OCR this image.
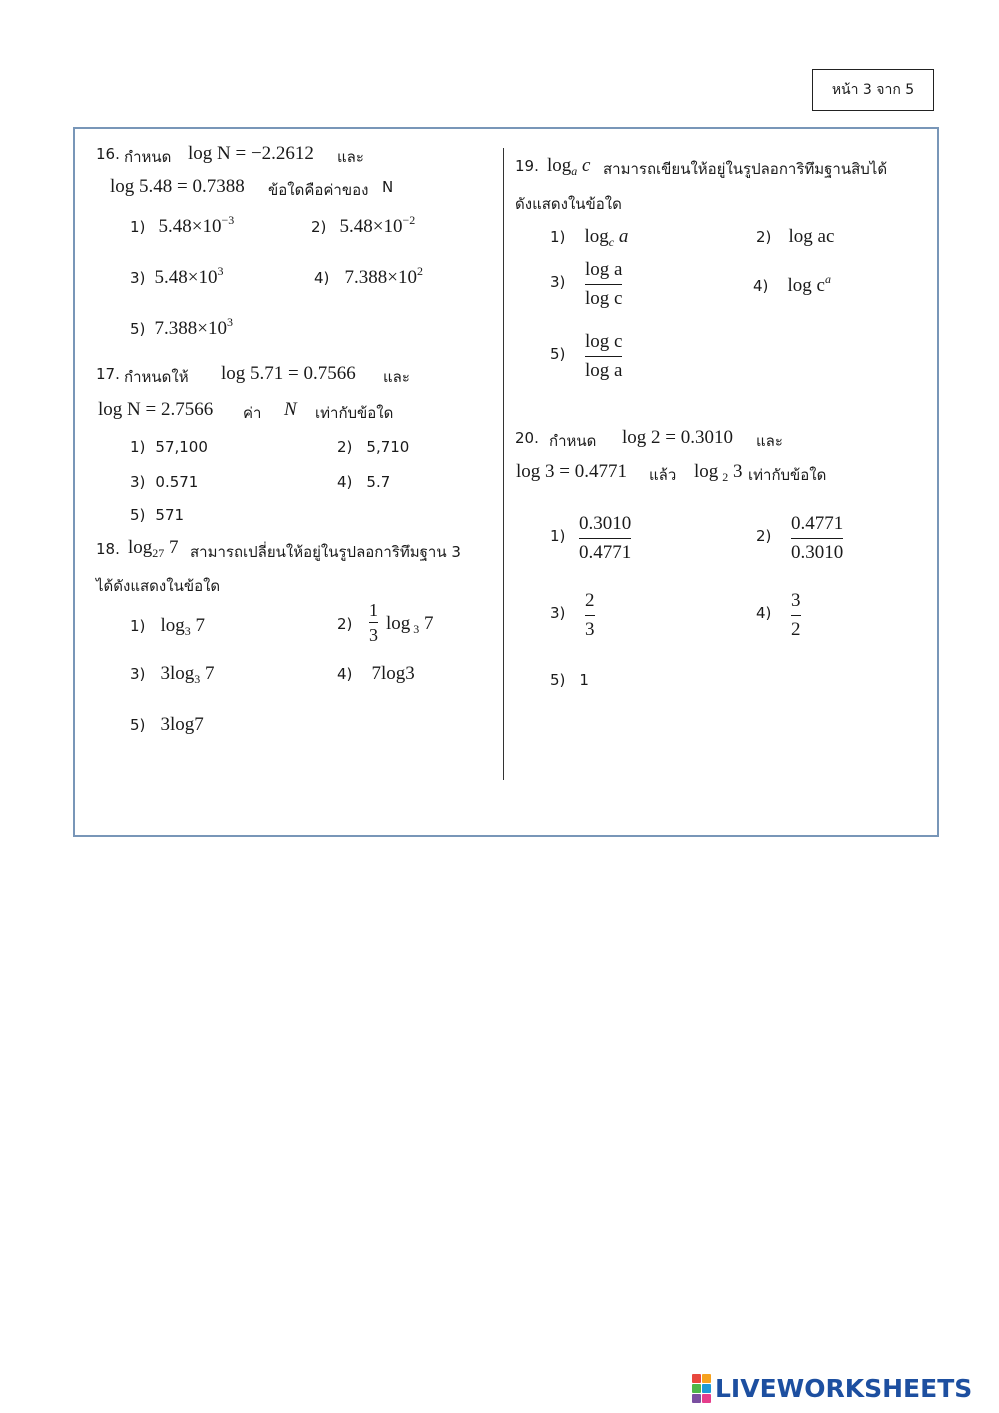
หน้า 3 จาก 5
16. กำหนด log N = −2.2612 และ
log 5.48 = 0.7388 ข้อใดคือค่าของ N
1) $5.48\times 10^{-3}$	2) $5.48\times 10^{-2}$
3) $5.48\times 10^3$	4) $7.388\times 10^2$
5) $7.388\times 10^3$
17. กำหนดให้ log 5.71 = 0.7566 และ
log N = 2.7566 ค่า N เท่ากับข้อใด
1) 57,100	2) 5,710
3) 0.571	4) 5.7
5) 571
18. $\log_{27} 7$ สามารถเปลี่ยนให้อยู่ในรูปลอการิทึมฐาน 3
ได้ดังแสดงในข้อใด
1) $\log_3 7$	2)
1
3
log $_3$ 7
3) $3\log_3$ 7	4) 7log3
5) 3log7
19. $\log_a c$ สามารถเขียนให้อยู่ในรูปลอการิทึมฐานสิบได้
ดังแสดงในข้อใด
1) $\log_c a$	2) log ac
3)
log a
log c
4) $\log c^a$
5)
log c
log a
20. กำหนด log 2 = 0.3010 และ
log 3 = 0.4771 แล้ว log $_2$ 3 เท่ากับข้อใด
1)
0.3010
0.4771
2)
0.4771
0.3010
3)
2
3
4)
3
2
5) 1
LIVEWORKSHEETS
